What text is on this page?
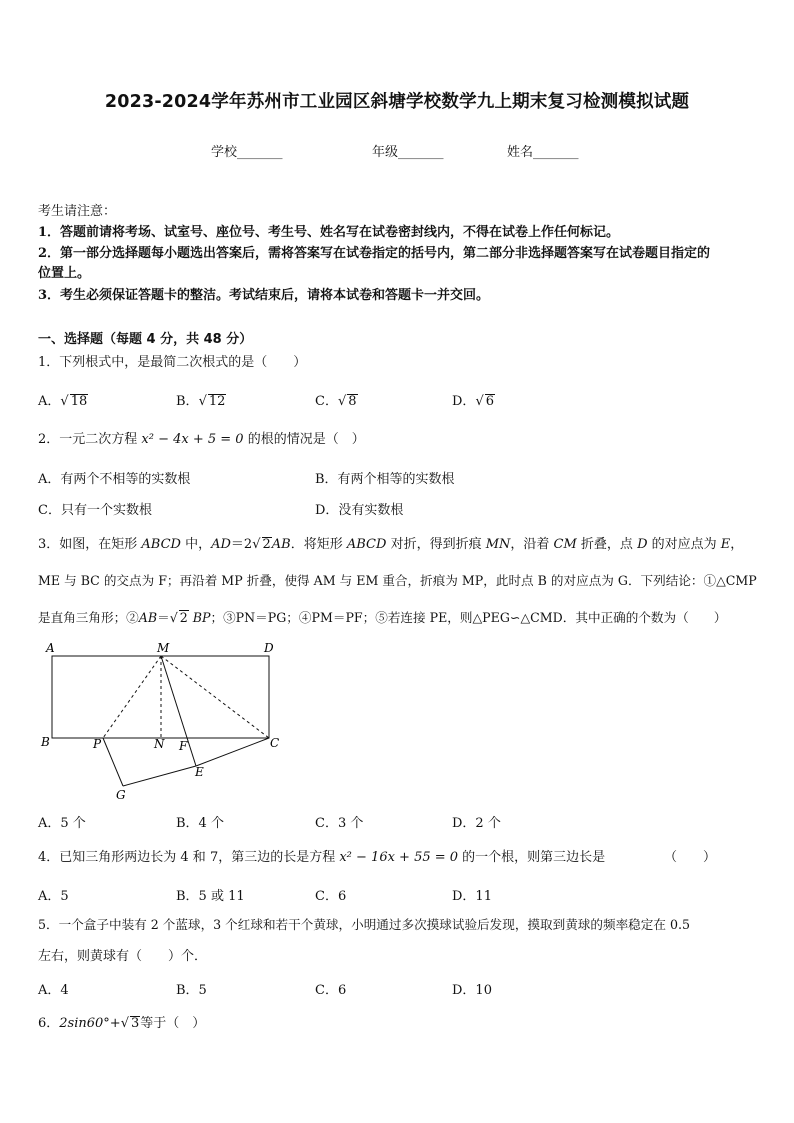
2023-2024学年苏州市工业园区斜塘学校数学九上期末复习检测模拟试题
学校_______	年级_______	姓名_______
考生请注意：
1．答题前请将考场、试室号、座位号、考生号、姓名写在试卷密封线内，不得在试卷上作任何标记。
2．第一部分选择题每小题选出答案后，需将答案写在试卷指定的括号内，第二部分非选择题答案写在试卷题目指定的
位置上。
3．考生必须保证答题卡的整洁。考试结束后，请将本试卷和答题卡一并交回。
一、选择题（每题 4 分，共 48 分）
1．下列根式中，是最简二次根式的是（　　）
A．√ 18	B．√ 12	C．√ 8	D．√ 6
2．一元二次方程 x² − 4x + 5 = 0 的根的情况是（　）
A．有两个不相等的实数根	B．有两个相等的实数根
C．只有一个实数根	D．没有实数根
3．如图，在矩形 ABCD 中，AD＝2√ 2AB．将矩形 ABCD 对折，得到折痕 MN，沿着 CM 折叠，点 D 的对应点为 E，
ME 与 BC 的交点为 F；再沿着 MP 折叠，使得 AM 与 EM 重合，折痕为 MP，此时点 B 的对应点为 G．下列结论：①△CMP
是直角三角形；②AB＝√ 2 BP；③PN＝PG；④PM＝PF；⑤若连接 PE，则△PEG∽△CMD．其中正确的个数为（　　）
A	M	D
B	P	N F	C
E
G
A．5 个	B．4 个	C．3 个	D．2 个
4．已知三角形两边长为 4 和 7，第三边的长是方程 x² − 16x + 55 = 0 的一个根，则第三边长是	（　　）
A．5	B．5 或 11	C．6	D．11
5．一个盒子中装有 2 个蓝球，3 个红球和若干个黄球，小明通过多次摸球试验后发现，摸取到黄球的频率稳定在 0.5
左右，则黄球有（　　）个．
A．4	B．5	C．6	D．10
6．2sin60°+√ 3等于（　）
